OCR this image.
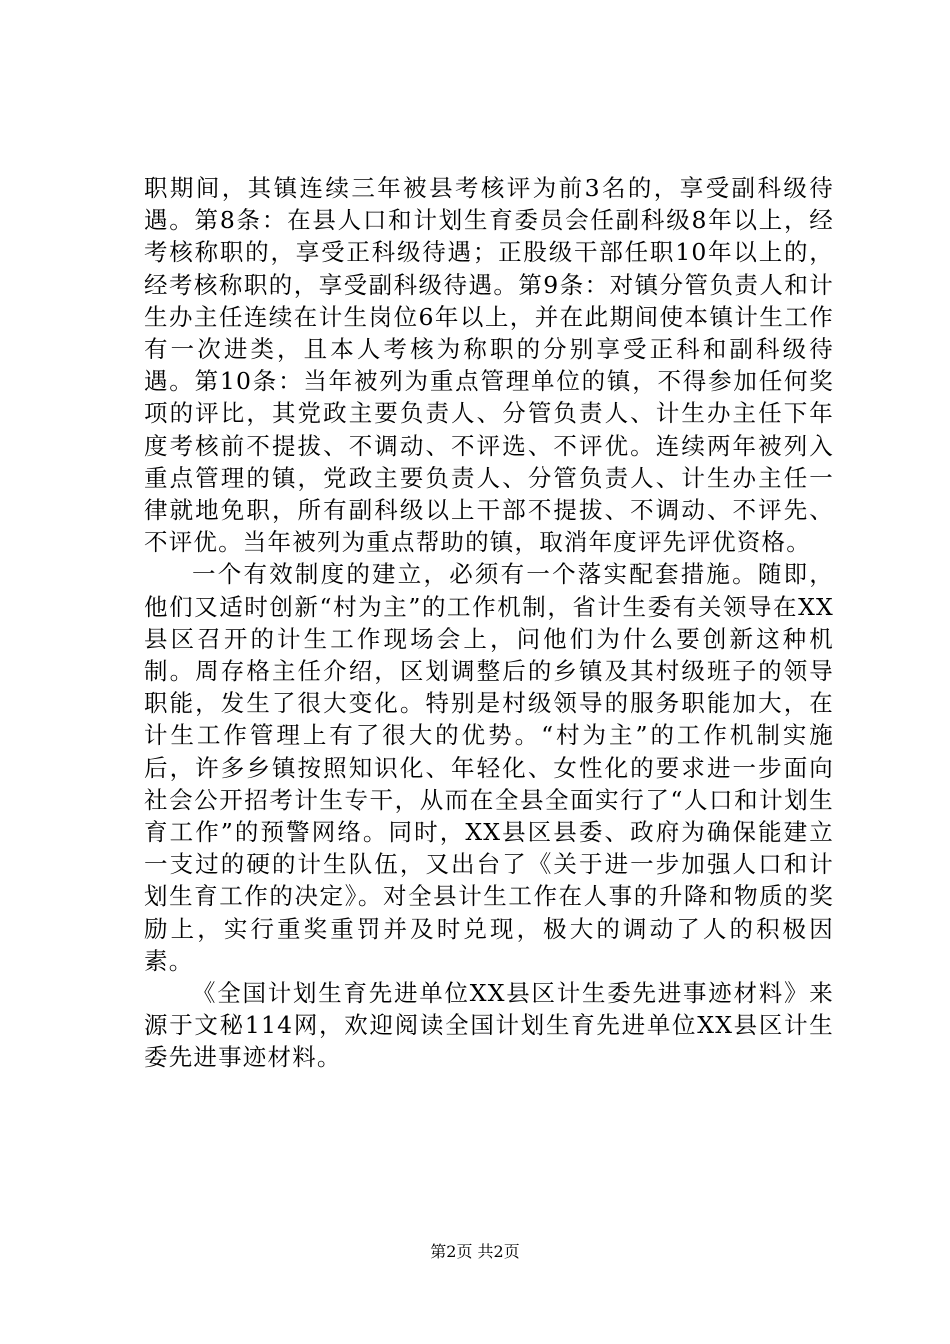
职期间，其镇连续三年被县考核评为前3名的，享受副科级待遇。第8条：在县人口和计划生育委员会任副科级8年以上，经考核称职的，享受正科级待遇；正股级干部任职10年以上的，经考核称职的，享受副科级待遇。第9条：对镇分管负责人和计生办主任连续在计生岗位6年以上，并在此期间使本镇计生工作有一次进类，且本人考核为称职的分别享受正科和副科级待遇。第10条：当年被列为重点管理单位的镇，不得参加任何奖项的评比，其党政主要负责人、分管负责人、计生办主任下年度考核前不提拔、不调动、不评选、不评优。连续两年被列入重点管理的镇，党政主要负责人、分管负责人、计生办主任一律就地免职，所有副科级以上干部不提拔、不调动、不评先、不评优。当年被列为重点帮助的镇，取消年度评先评优资格。

一个有效制度的建立，必须有一个落实配套措施。随即，他们又适时创新“村为主”的工作机制，省计生委有关领导在XX县区召开的计生工作现场会上，问他们为什么要创新这种机制。周存格主任介绍，区划调整后的乡镇及其村级班子的领导职能，发生了很大变化。特别是村级领导的服务职能加大，在计生工作管理上有了很大的优势。“村为主”的工作机制实施后，许多乡镇按照知识化、年轻化、女性化的要求进一步面向社会公开招考计生专干，从而在全县全面实行了“人口和计划生育工作”的预警网络。同时，XX县区县委、政府为确保能建立一支过的硬的计生队伍，又出台了《关于进一步加强人口和计划生育工作的决定》。对全县计生工作在人事的升降和物质的奖励上，实行重奖重罚并及时兑现，极大的调动了人的积极因素。

《全国计划生育先进单位XX县区计生委先进事迹材料》来源于文秘114网，欢迎阅读全国计划生育先进单位XX县区计生委先进事迹材料。

第2页 共2页
